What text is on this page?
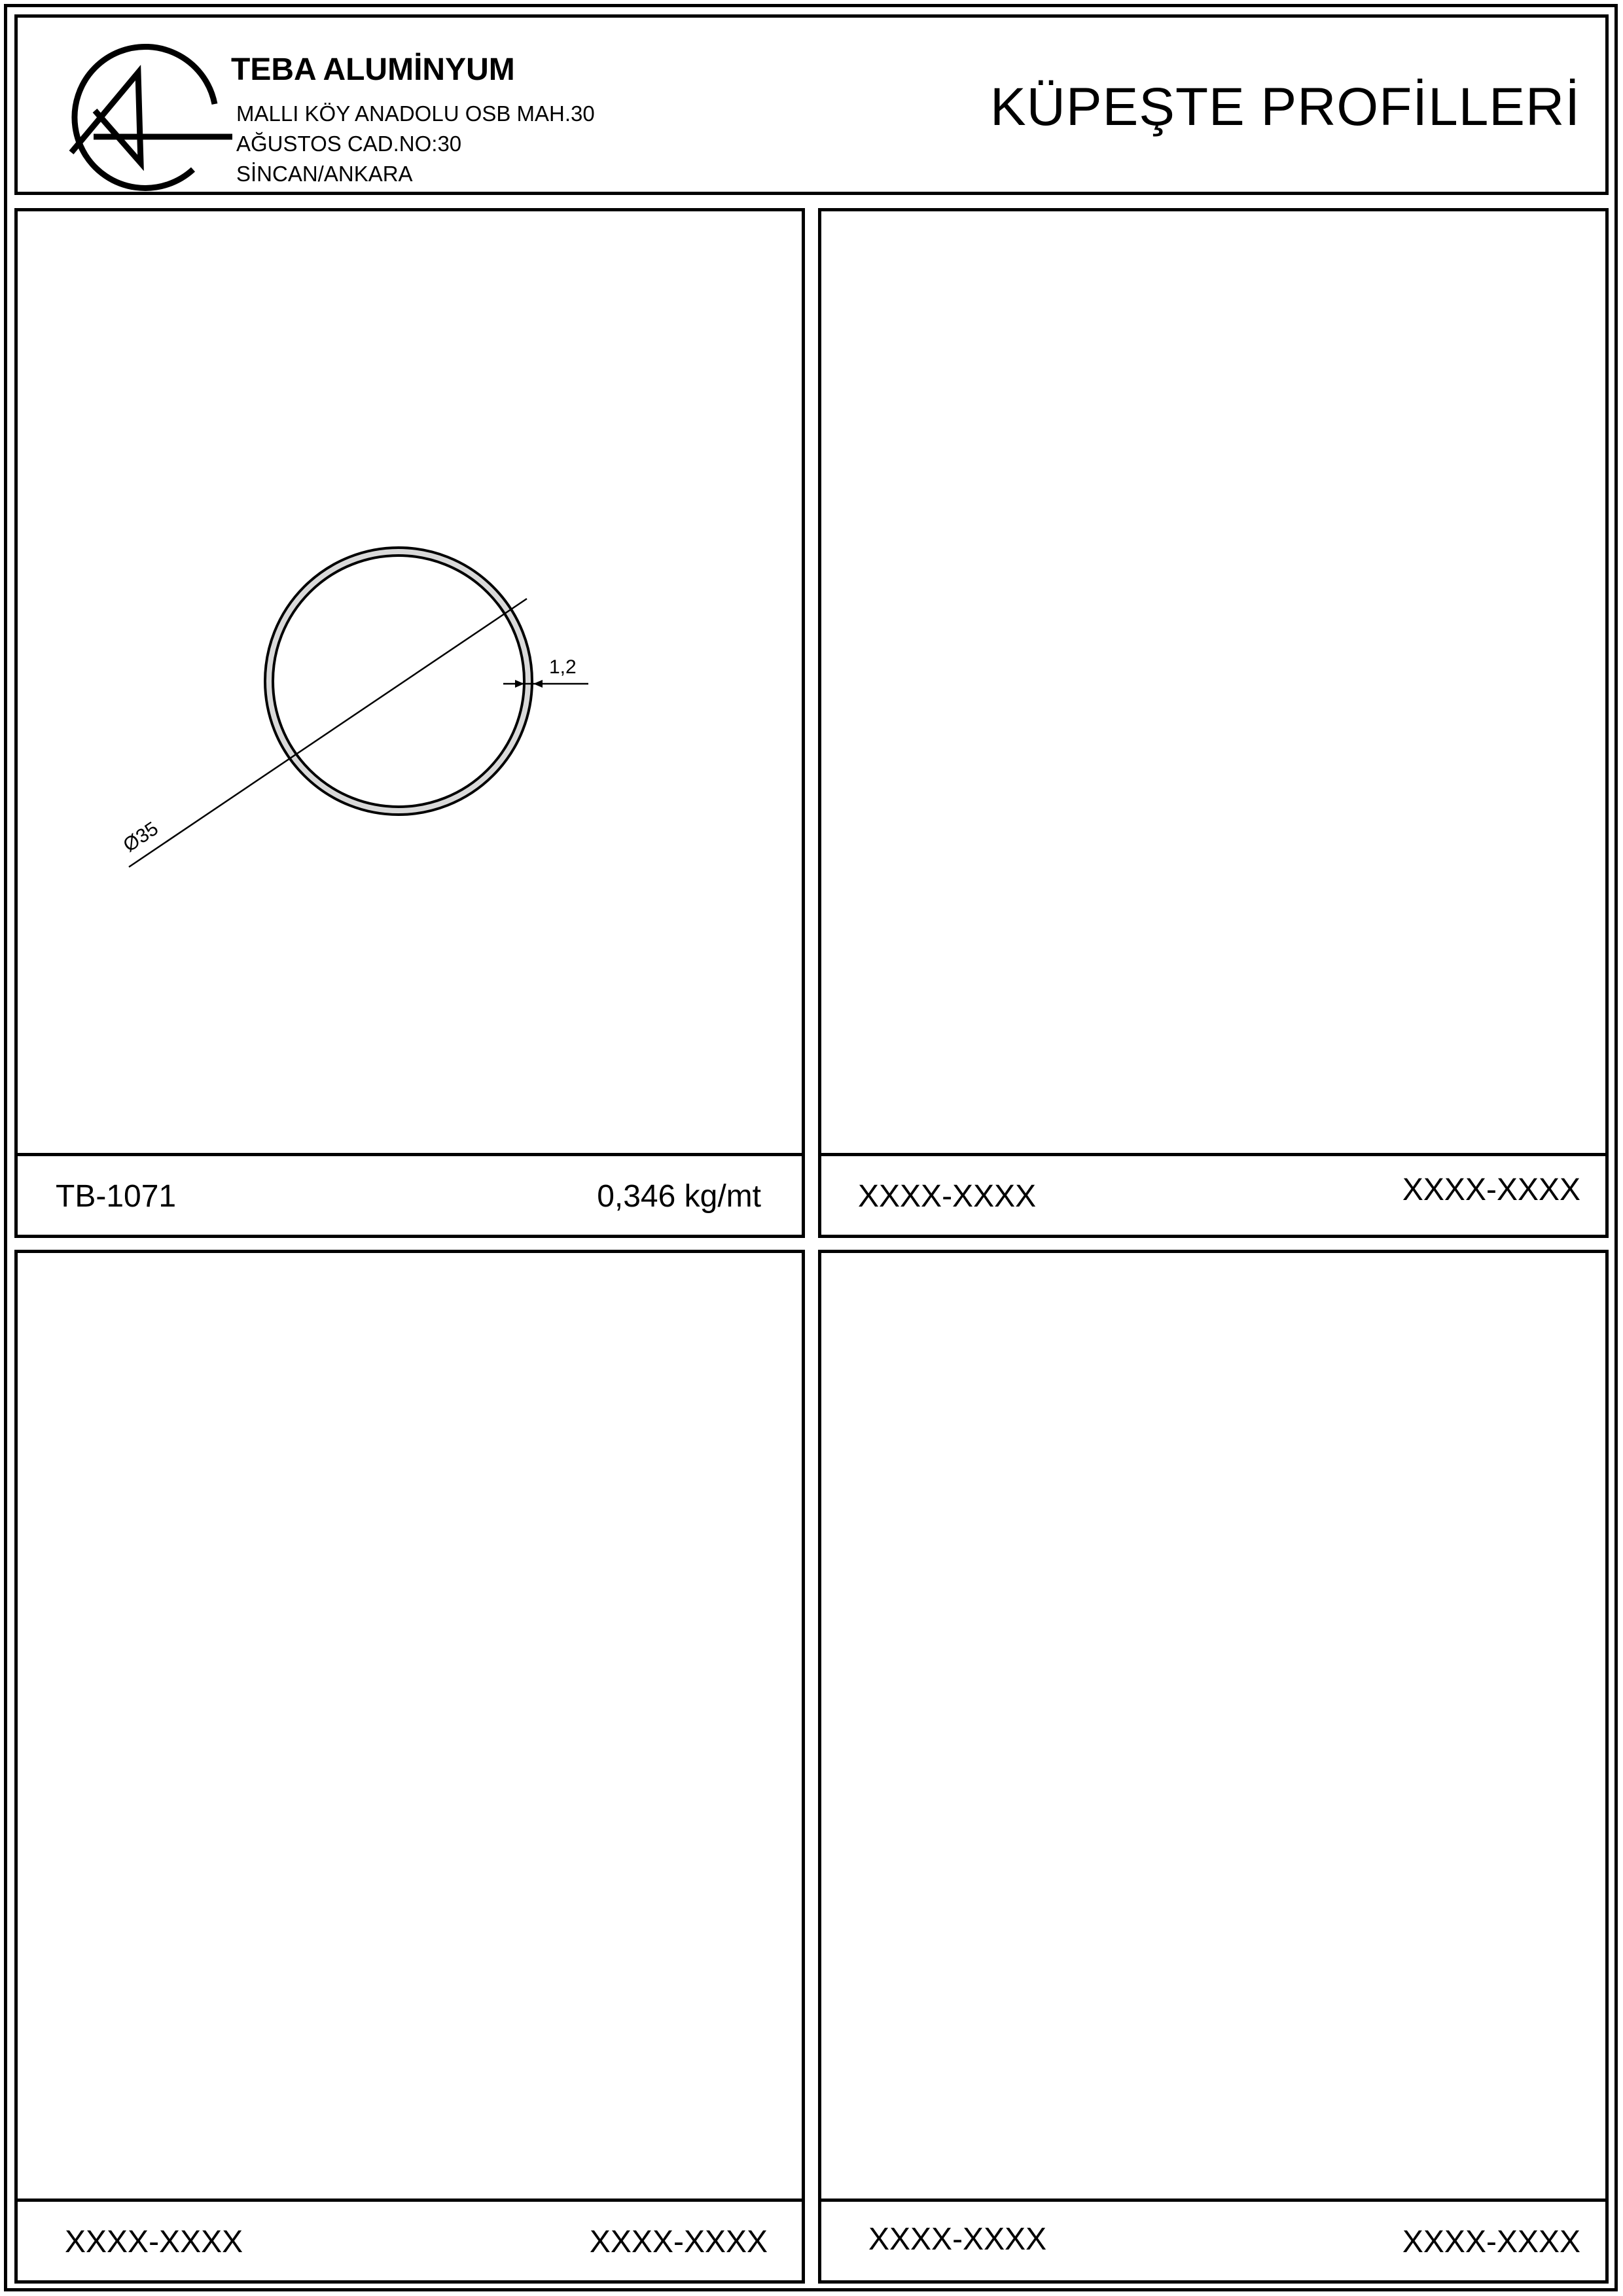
TEBA ALUMİNYUM
MALLI KÖY ANADOLU OSB MAH.30
AĞUSTOS CAD.NO:30
SİNCAN/ANKARA
KÜPEŞTE PROFİLLERİ
1,2
Ø35
TB-1071	0,346 kg/mt	XXXX-XXXX	XXXX-XXXX
XXXX-XXXX	XXXX-XXXX	XXXX-XXXX	XXXX-XXXX
